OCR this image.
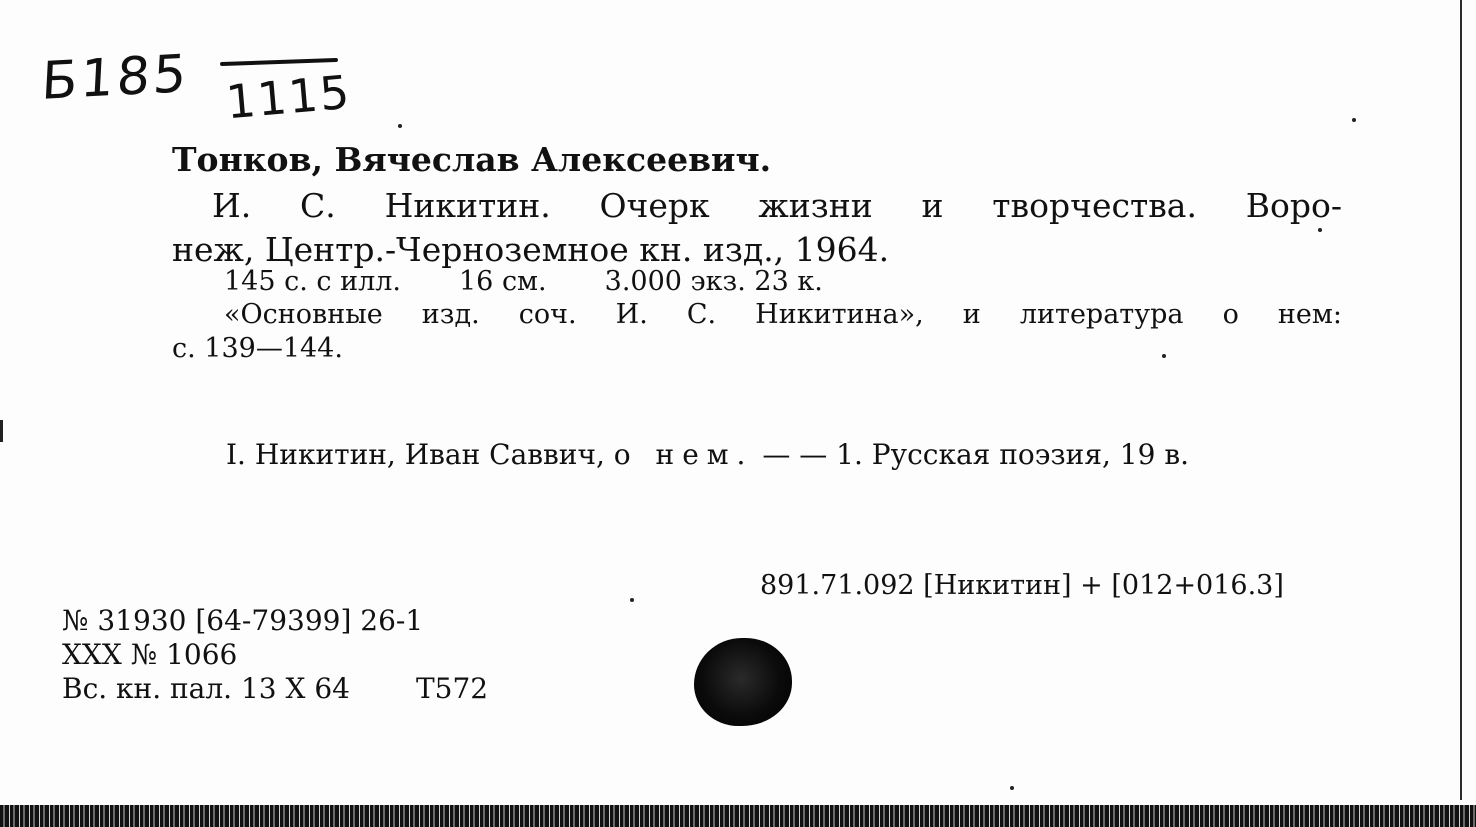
Б185 1115
Тонков, Вячеслав Алексеевич.

И. С. Никитин. Очерк жизни и творчества. Воро-

неж, Центр.-Черноземное кн. изд., 1964.

145 с. с илл. 16 см. 3.000 экз. 23 к.

«Основные изд. соч. И. С. Никитина», и литература о нем:

с. 139—144.

I. Никитин, Иван Саввич, о нем. — — 1. Русская поэзия, 19 в.
891.71.092 [Никитин] + [012+016.3]

№ 31930 [64-79399] 26-1

XXX № 1066

Вс. кн. пал. 13 X 64 Т572
